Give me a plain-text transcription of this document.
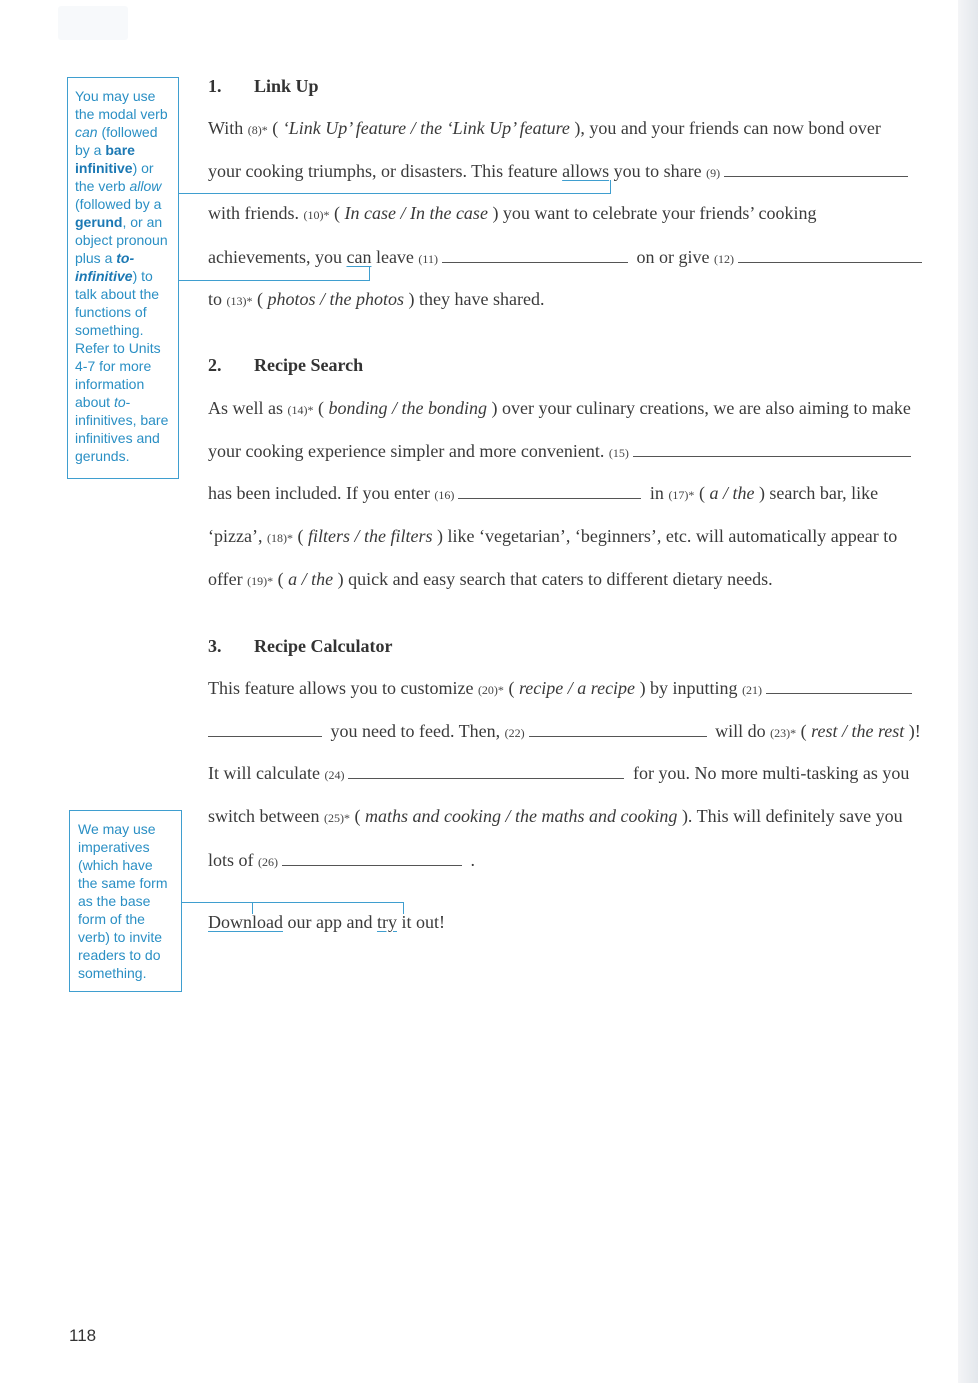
You may use the modal verb can (followed by a bare infinitive) or the verb allow (followed by a gerund, or an object pronoun plus a to-infinitive) to talk about the functions of something. Refer to Units 4-7 for more information about to-infinitives, bare infinitives and gerunds.
We may use imperatives (which have the same form as the base form of the verb) to invite readers to do something.
1. Link Up
With (8)* ( ‘Link Up’ feature / the ‘Link Up’ feature ), you and your friends can now bond over
your cooking triumphs, or disasters. This feature allows you to share (9)
with friends. (10)* ( In case / In the case ) you want to celebrate your friends’ cooking
achievements, you can leave (11)	on or give (12)
to (13)* ( photos / the photos ) they have shared.
2. Recipe Search
As well as (14)* ( bonding / the bonding ) over your culinary creations, we are also aiming to make
your cooking experience simpler and more convenient. (15)
has been included. If you enter (16)	in (17)* ( a / the ) search bar, like
‘pizza’, (18)* ( filters / the filters ) like ‘vegetarian’, ‘beginners’, etc. will automatically appear to
offer (19)* ( a / the ) quick and easy search that caters to different dietary needs.
3. Recipe Calculator
This feature allows you to customize (20)* ( recipe / a recipe ) by inputting (21)
you need to feed. Then, (22)	will do (23)* ( rest / the rest )!
It will calculate (24)	for you. No more multi-tasking as you
switch between (25)* ( maths and cooking / the maths and cooking ). This will definitely save you
lots of (26)	.
Download our app and try it out!
118
